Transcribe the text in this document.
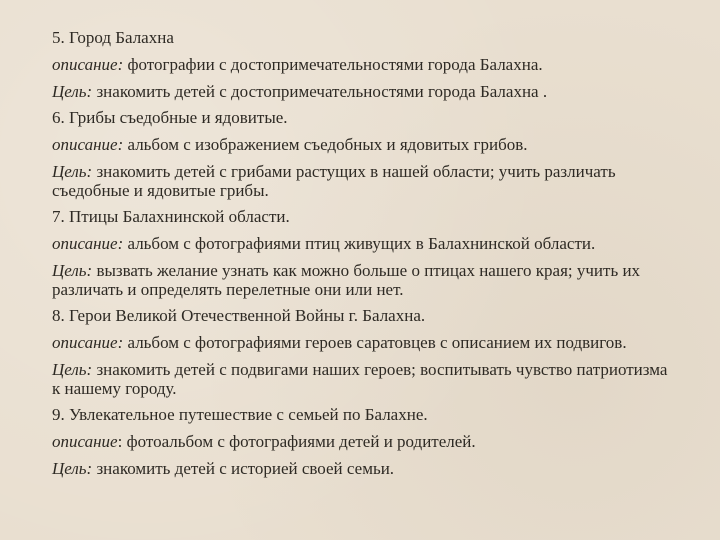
5. Город Балахна

описание: фотографии с достопримечательностями города Балахна.

Цель: знакомить детей с достопримечательностями города Балахна .

6. Грибы съедобные и ядовитые.

описание: альбом с изображением съедобных и ядовитых грибов.

Цель: знакомить детей с грибами растущих в нашей области; учить различать съедобные и ядовитые грибы.

7. Птицы Балахнинской области.

описание: альбом с фотографиями птиц живущих в Балахнинской области.

Цель: вызвать желание узнать как можно больше о птицах нашего края; учить их различать и определять перелетные они или нет.

8. Герои Великой Отечественной Войны г. Балахна.

описание: альбом с фотографиями героев саратовцев с описанием их подвигов.

Цель: знакомить детей с подвигами наших героев; воспитывать чувство патриотизма к нашему городу.

9. Увлекательное путешествие с семьей по Балахне.

описание: фотоальбом с фотографиями детей и родителей.

Цель: знакомить детей с историей своей семьи.
